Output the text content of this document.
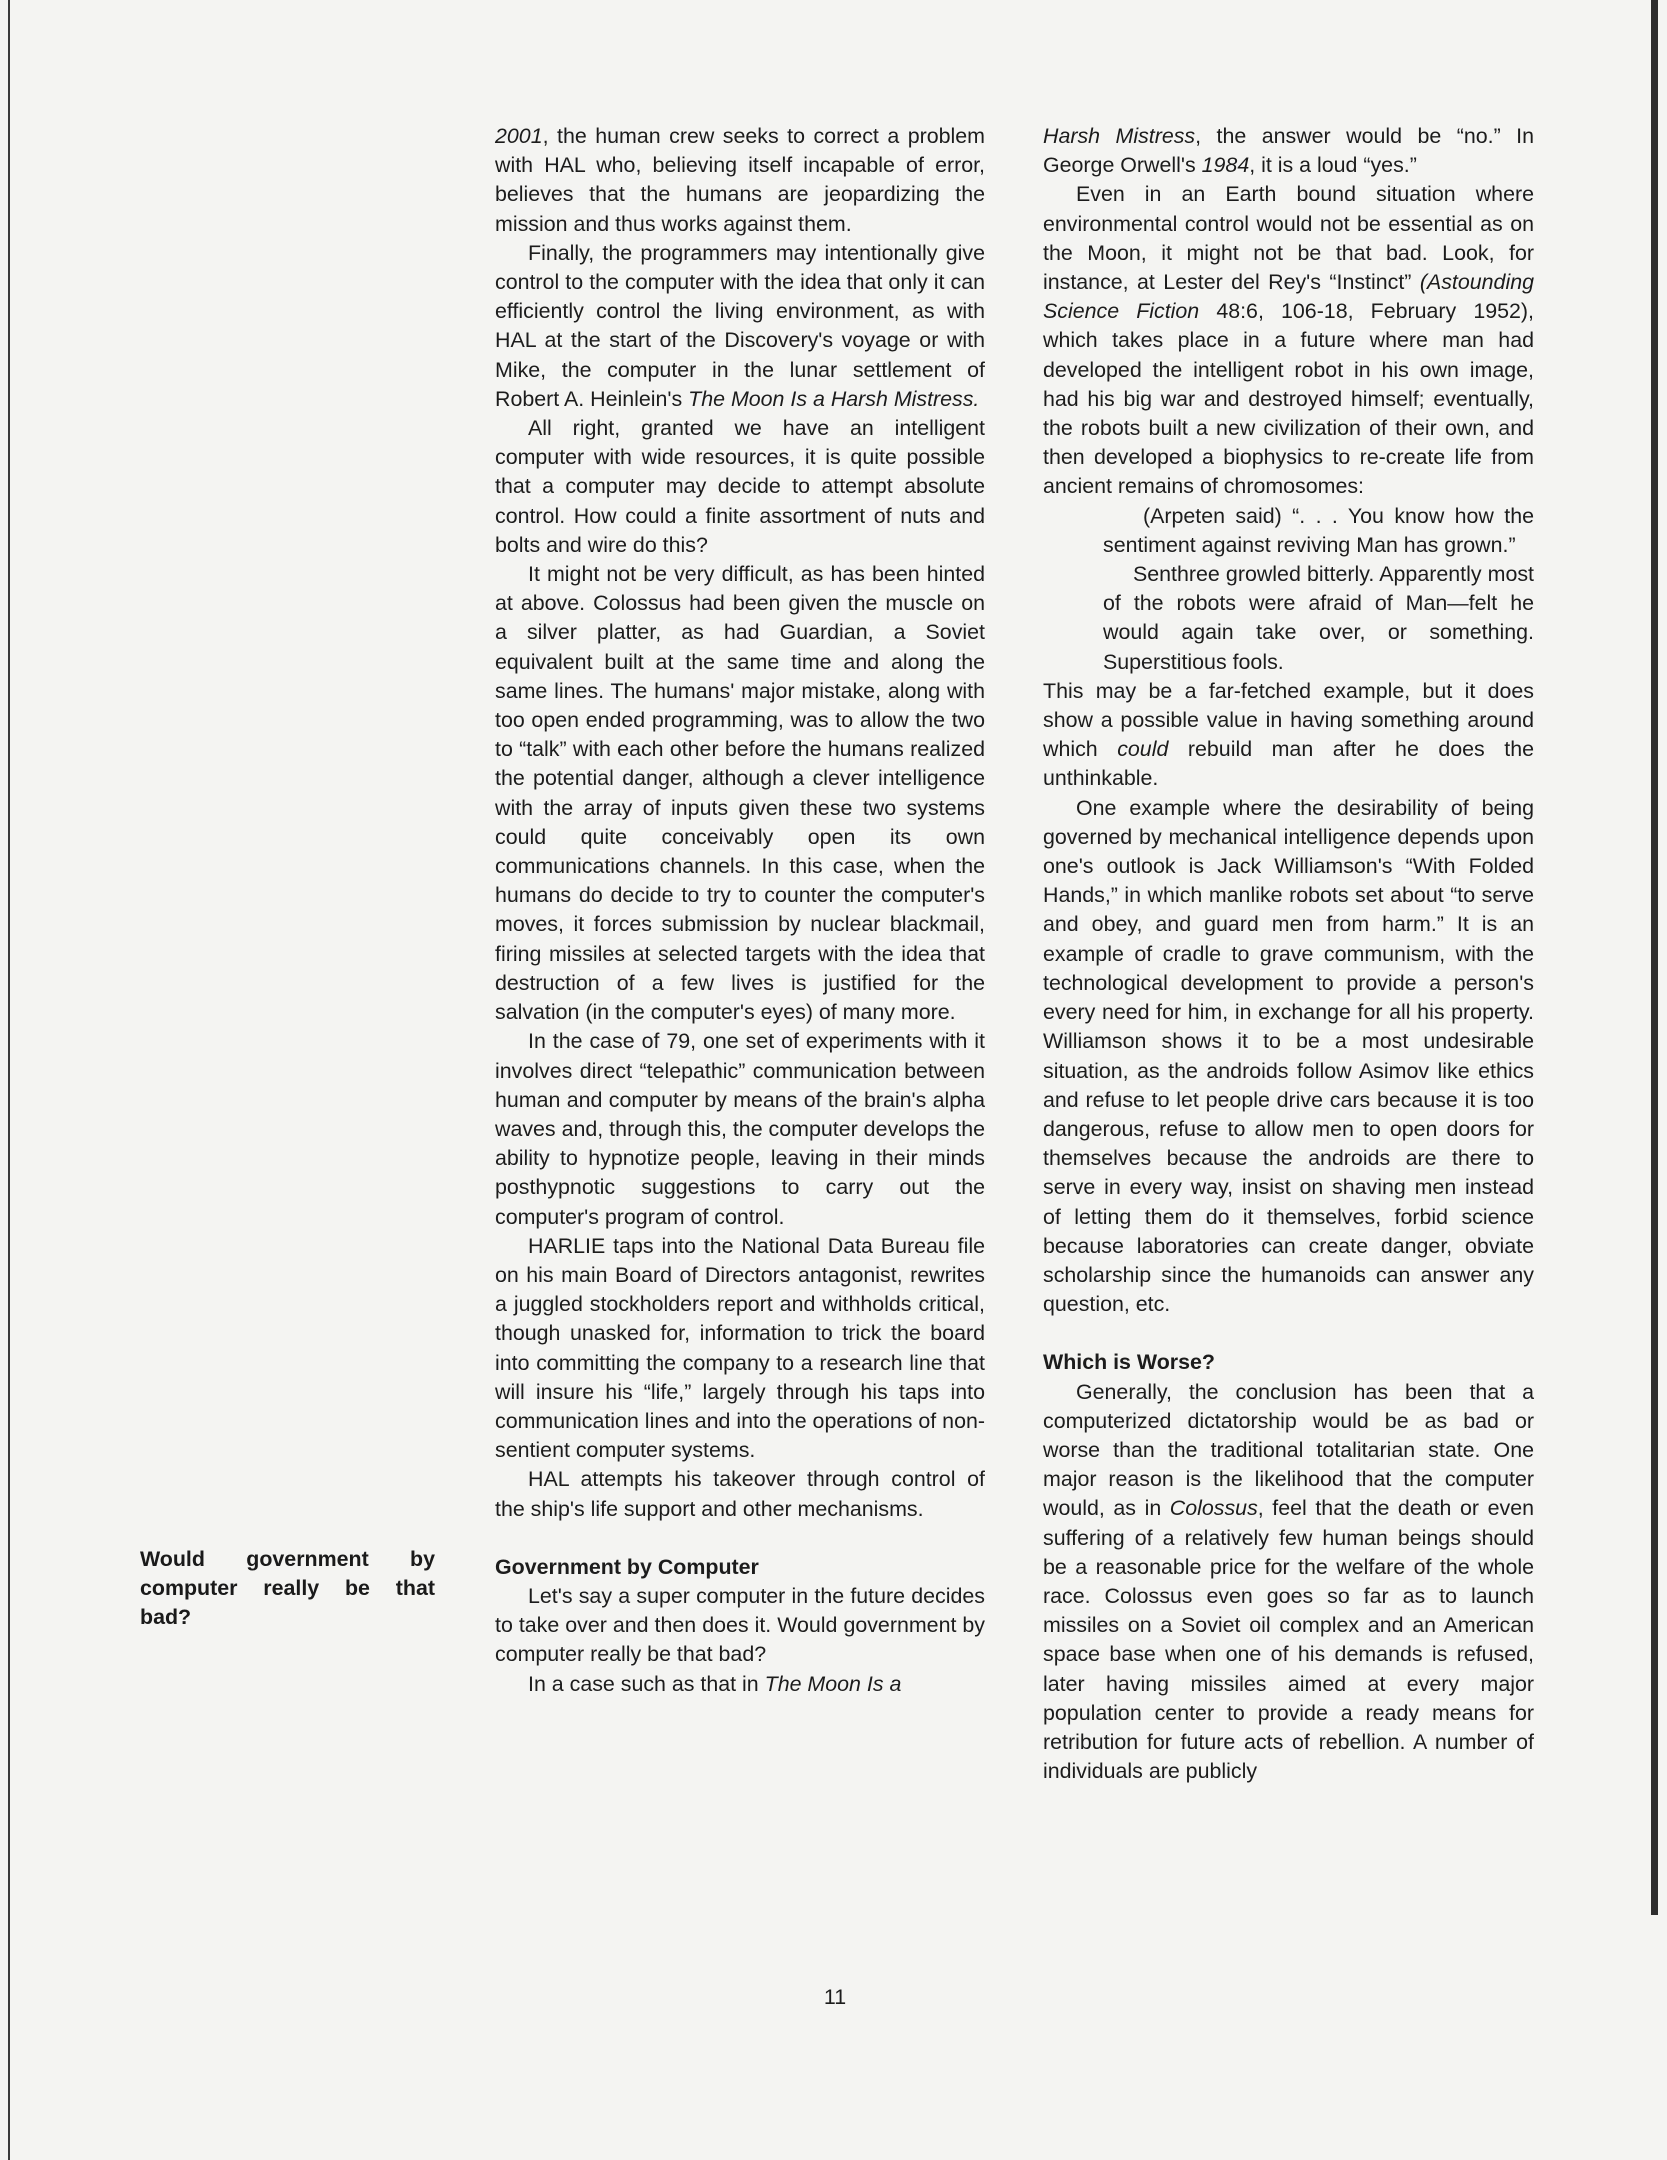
Would government by
computer really be that
bad?

2001, the human crew seeks to correct a problem with HAL who, believing itself incapable of error, believes that the humans are jeopardizing the mission and thus works against them.

Finally, the programmers may intentionally give control to the computer with the idea that only it can efficiently control the living environment, as with HAL at the start of the Discovery's voyage or with Mike, the computer in the lunar settlement of Robert A. Heinlein's The Moon Is a Harsh Mistress.

All right, granted we have an intelligent computer with wide resources, it is quite possible that a computer may decide to attempt absolute control. How could a finite assortment of nuts and bolts and wire do this?

It might not be very difficult, as has been hinted at above. Colossus had been given the muscle on a silver platter, as had Guardian, a Soviet equivalent built at the same time and along the same lines. The humans' major mistake, along with too open ended programming, was to allow the two to “talk” with each other before the humans realized the potential danger, although a clever intelligence with the array of inputs given these two systems could quite conceivably open its own communications channels. In this case, when the humans do decide to try to counter the computer's moves, it forces submission by nuclear blackmail, firing missiles at selected targets with the idea that destruction of a few lives is justified for the salvation (in the computer's eyes) of many more.

In the case of 79, one set of experiments with it involves direct “telepathic” communication between human and computer by means of the brain's alpha waves and, through this, the computer develops the ability to hypnotize people, leaving in their minds posthypnotic suggestions to carry out the computer's program of control.

HARLIE taps into the National Data Bureau file on his main Board of Directors antagonist, rewrites a juggled stockholders report and withholds critical, though unasked for, information to trick the board into committing the company to a research line that will insure his “life,” largely through his taps into communication lines and into the operations of non-sentient computer systems.

HAL attempts his takeover through control of the ship's life support and other mechanisms.

Government by Computer

Let's say a super computer in the future decides to take over and then does it. Would government by computer really be that bad?

In a case such as that in The Moon Is a

Harsh Mistress, the answer would be “no.” In George Orwell's 1984, it is a loud “yes.”

Even in an Earth bound situation where environmental control would not be essential as on the Moon, it might not be that bad. Look, for instance, at Lester del Rey's “Instinct” (Astounding Science Fiction 48:6, 106-18, February 1952), which takes place in a future where man had developed the intelligent robot in his own image, had his big war and destroyed himself; eventually, the robots built a new civilization of their own, and then developed a biophysics to re-create life from ancient remains of chromosomes:

(Arpeten said) “. . . You know how the sentiment against reviving Man has grown.”

Senthree growled bitterly. Apparently most of the robots were afraid of Man—felt he would again take over, or something. Superstitious fools.

This may be a far-fetched example, but it does show a possible value in having something around which could rebuild man after he does the unthinkable.

One example where the desirability of being governed by mechanical intelligence depends upon one's outlook is Jack Williamson's “With Folded Hands,” in which manlike robots set about “to serve and obey, and guard men from harm.” It is an example of cradle to grave communism, with the technological development to provide a person's every need for him, in exchange for all his property. Williamson shows it to be a most undesirable situation, as the androids follow Asimov like ethics and refuse to let people drive cars because it is too dangerous, refuse to allow men to open doors for themselves because the androids are there to serve in every way, insist on shaving men instead of letting them do it themselves, forbid science because laboratories can create danger, obviate scholarship since the humanoids can answer any question, etc.

Which is Worse?

Generally, the conclusion has been that a computerized dictatorship would be as bad or worse than the traditional totalitarian state. One major reason is the likelihood that the computer would, as in Colossus, feel that the death or even suffering of a relatively few human beings should be a reasonable price for the welfare of the whole race. Colossus even goes so far as to launch missiles on a Soviet oil complex and an American space base when one of his demands is refused, later having missiles aimed at every major population center to provide a ready means for retribution for future acts of rebellion. A number of individuals are publicly

11
